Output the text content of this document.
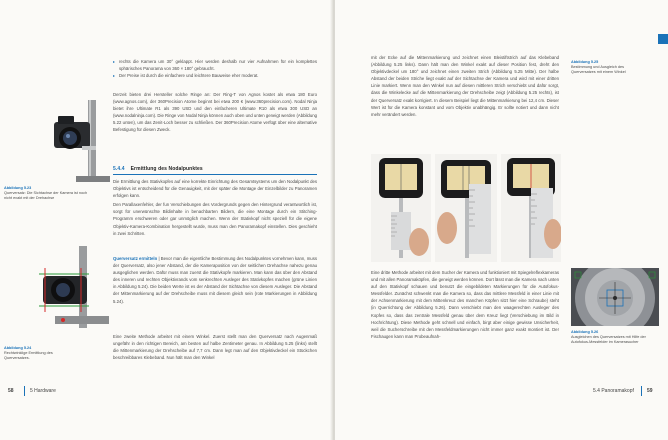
▸ rechts die Kamera um 30° geklappt. Hier werden deshalb nur vier Aufnahmen für ein komplettes sphärisches Panorama von 360 × 180° gebraucht.
▸ Der Preise ist durch die einfachere und leichtere Bauweise eher moderat.
Derzeit bieten drei Hersteller solche Ringe an: Der Ring-T von Agnos kostet als etwa 180 Euro (www.agnos.com), der 360Precision Atome beginnt bei etwa 200 € (www.360precision.com). Nodal Ninja bietet ihre Ultimate R1 als 390 USD und den einfacheren Ultimate R10 als etwa 300 USD an (www.nodalninja.com). Die Ringe von Nodal Ninja können auch oben und unten geneigt werden (Abbildung 5.22 unten), um das Zenit-Loch besser zu schließen. Der 360Precision Atome verfügt über eine alternative Befestigung für diesen Zweck.
5.4.4 Ermittlung des Nodalpunktes

Die Ermittlung des Stativkopfes auf eine korrekte Einrichtung des Gesamtsystems um den Nodalpunkt des Objektivs ist entscheidend für die Genauigkeit, mit der später die Montage der Einzelbilder zu Panoramen erfolgen kann.

Den Parallaxenfehler, der fun Verschiebungen des Vordergrunds gegen den Hintergrund verantwortlich ist, sorgt für unerwünschte Bildinhalte in benachbarten Bildern, die eine Montage durch ein Stitching-Programm erschweren oder gar unmöglich machen. Wenn der Stativkopf nicht speziell für die eigene Objektiv-Kamera-Kombination hergestellt wurde, muss man den Panoramakopf einstellen. Dies geschieht in zwei Schritten.

Querversatz ermitteln | Bevor man die eigentliche Bestimmung des Nodalpunktes vornehmen kann, muss der Querversatz, also jener Abstand, der die Kameraposition von der seitlichen Drehachse nahezu genau ausgeglichen werden. Dafür muss man zuerst die Stativkopfe markieren. Man kann das über den Abstand des inneren und rechten Objektivrands vom senkrechten Ausleger des Stativkopfes machen (grüne Linien in Abbildung 5.24). Die beiden Werte ist es der Abstand der Sichtachse von diesem Ausleger. Die Abstand der Mittenmarkierung auf der Drehscheibe muss mit diesem gleich sein (rote Markierungen in Abbildung 5.24).

Eine zweite Methode arbeitet mit einem Winkel. Zuerst stellt man den Querversatz nach Augenmaß ungefähr in den richtigen Bereich, am besten auf halbe Zentimeter genau. In Abbildung 5.25 (links) stellt die Mittenmarkierung der Drehscheibe auf 7,7 cm. Dann legt man auf den Objektivdeckel ein Stückchen beschreibbares Klebeband. Nun hält man den Winkel
Abbildung 5.23
Querversatz: Die Sichtachse der Kamera ist noch nicht exakt mit der Drehachse
Abbildung 5.24
Rechtwinklige Ermittlung des Querversatzes.
58	5 Hardware
mit der Ecke auf die Mittenmarkierung und zeichnet einen Bleistiftstrich auf das Klebeband (Abbildung 5.25 links). Dann hält man den Winkel exakt auf dieser Position fest, dreht den Objektivdeckel um 180° und zeichnet einen zweiten Strich (Abbildung 5.25 Mitte). Der halbe Abstand der beiden Striche liegt exakt auf der Sichtachse der Kamera und wird mit einer dritten Linie markiert. Wenn man den Winkel nun auf diesen mittleren Strich verschiebt und dafür sorgt, dass die Winkelecke auf die Mittenmarkierung der Drehscheibe zeigt (Abbildung 5.25 rechts), ist der Querversatz exakt korrigiert. In diesem Beispiel liegt die Mittenmarkierung bei 12,4 cm. Dieser Wert ist für die Kamera konstant und vom Objektiv unabhängig. Er sollte notiert und dann nicht mehr verändert werden.
Abbildung 5.25
Bestimmung und Ausgleich des Querversatzes mit einem Winkel
Eine dritte Methode arbeitet mit dem Sucher der Kamera und funktioniert mit Spiegelreflexkameras und mit allen Panoramaköpfen, die geneigt werden können. Dort lässt man die Kamera nach unten auf den Stativkopf schauen und benutzt die eingebildeten Markierungen für die Autofokus-Messfelder. Zunächst schwenkt man die Kamera so, dass das mittlere Messfeld in einer Linie mit der Achsenmarkierung mit dem Mittenkreuz des manchen Köpfen sitzt hier eine Schraube) steht (in Querrichtung der Abbildung 5.26). Dann verschiebt man den waagerechten Ausleger des Kopfes so, dass das zentrale Messfeld genau über dem Kreuz liegt (Verschiebung im Bild in Hochrichtung). Diese Methode geht schnell und einfach, birgt aber einige gewisse Unsicherheit, weil die Sucherschreibe mit den Messfeldmarkierungen nicht immer ganz exakt montiert ist. Der Fischaugen kann man Probeaufnah-
Abbildung 5.26
Ausgleichen des Querversatzes mit Hilfe der Autofokus-Messfelder im Kamerasucher
5.4 Panoramakopf	59
